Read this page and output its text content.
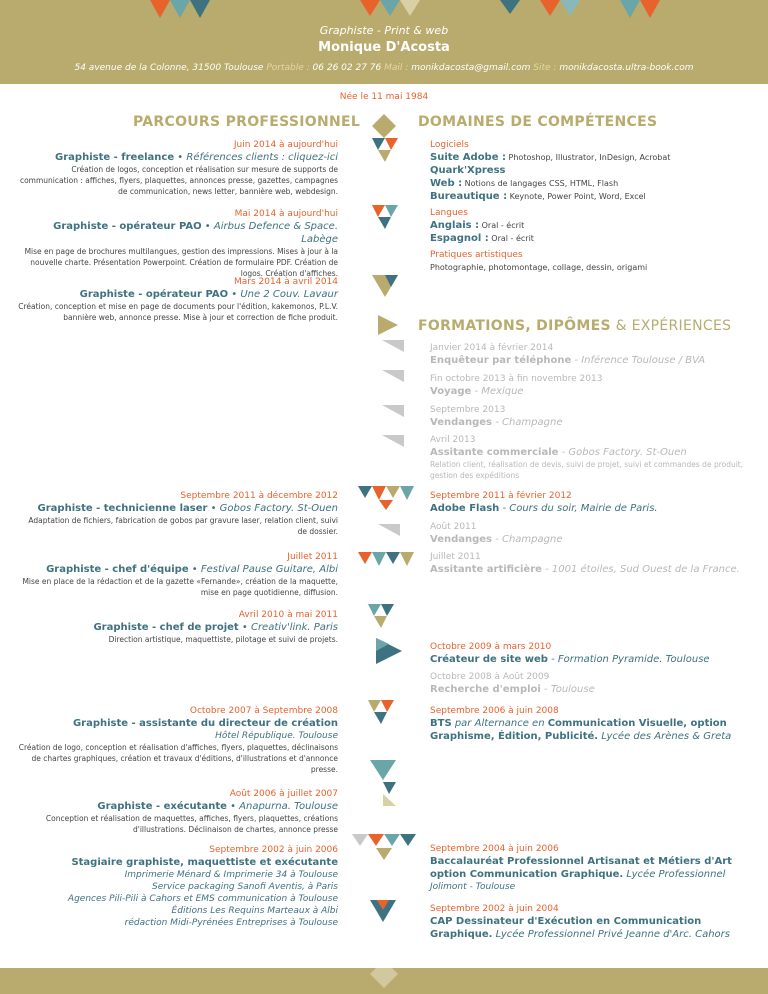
Graphiste - Print & web
Monique D'Acosta
54 avenue de la Colonne, 31500 Toulouse Portable : 06 26 02 27 76 Mail : monikdacosta@gmail.com Site : monikdacosta.ultra-book.com
Née le 11 mai 1984
PARCOURS PROFESSIONNEL	DOMAINES DE COMPÉTENCES
FORMATIONS, DIPÔMES & EXPÉRIENCES
Juin 2014 à aujourd'hui
Graphiste - freelance • Références clients : cliquez-ici
Création de logos, conception et réalisation sur mesure de supports de communication : affiches, flyers, plaquettes, annonces presse, gazettes, campagnes de communication, news letter, bannière web, webdesign.
Mai 2014 à aujourd'hui
Graphiste - opérateur PAO • Airbus Defence & Space. Labège
Mise en page de brochures multilangues, gestion des impressions. Mises à jour à la nouvelle charte. Présentation Powerpoint. Création de formulaire PDF. Création de logos. Création d'affiches.
Mars 2014 à avril 2014
Graphiste - opérateur PAO • Une 2 Couv. Lavaur
Création, conception et mise en page de documents pour l'édition, kakemonos, P.L.V. bannière web, annonce presse. Mise à jour et correction de fiche produit.
Septembre 2011 à décembre 2012
Graphiste - technicienne laser • Gobos Factory. St-Ouen
Adaptation de fichiers, fabrication de gobos par gravure laser, relation client, suivi de dossier.
Juillet 2011
Graphiste - chef d'équipe • Festival Pause Guitare, Albi
Mise en place de la rédaction et de la gazette «Fernande», création de la maquette, mise en page quotidienne, diffusion.
Avril 2010 à mai 2011
Graphiste - chef de projet • Creativ'link. Paris
Direction artistique, maquettiste, pilotage et suivi de projets.
Octobre 2007 à Septembre 2008
Graphiste - assistante du directeur de création
Hôtel République. Toulouse
Création de logo, conception et réalisation d'affiches, flyers, plaquettes, déclinaisons de chartes graphiques, création et travaux d'éditions, d'illustrations et d'annonce presse.
Août 2006 à juillet 2007
Graphiste - exécutante • Anapurna. Toulouse
Conception et réalisation de maquettes, affiches, flyers, plaquettes, créations d'illustrations. Déclinaison de chartes, annonce presse
Septembre 2002 à juin 2006
Stagiaire graphiste, maquettiste et exécutante
Imprimerie Ménard & Imprimerie 34 à Toulouse
Service packaging Sanofi Aventis, à Paris
Agences Pili-Pili à Cahors et EMS communication à Toulouse
Éditions Les Requins Marteaux à Albi
rédaction Midi-Pyrénées Entreprises à Toulouse
Logiciels
Suite Adobe : Photoshop, Illustrator, InDesign, Acrobat
Quark'Xpress
Web : Notions de langages CSS, HTML, Flash
Bureautique : Keynote, Power Point, Word, Excel
Langues
Anglais : Oral - écrit
Espagnol : Oral - écrit
Pratiques artistiques
Photographie, photomontage, collage, dessin, origami
Janvier 2014 à février 2014
Enquêteur par téléphone - Inférence Toulouse / BVA
Fin octobre 2013 à fin novembre 2013
Voyage - Mexique
Septembre 2013
Vendanges - Champagne
Avril 2013
Assitante commerciale - Gobos Factory. St-Ouen
Relation client, réalisation de devis, suivi de projet, suivi et commandes de produit, gestion des expéditions
Septembre 2011 à février 2012
Adobe Flash - Cours du soir, Mairie de Paris.
Août 2011
Vendanges - Champagne
Juillet 2011
Assitante artificière - 1001 étoiles, Sud Ouest de la France.
Octobre 2009 à mars 2010
Créateur de site web - Formation Pyramide. Toulouse
Octobre 2008 à Août 2009
Recherche d'emploi - Toulouse
Septembre 2006 à juin 2008
BTS par Alternance en Communication Visuelle, option Graphisme, Édition, Publicité. Lycée des Arènes & Greta
Septembre 2004 à juin 2006
Baccalauréat Professionnel Artisanat et Métiers d'Art option Communication Graphique. Lycée Professionnel
Jolimont - Toulouse
Septembre 2002 à juin 2004
CAP Dessinateur d'Exécution en Communication Graphique. Lycée Professionnel Privé Jeanne d'Arc. Cahors
